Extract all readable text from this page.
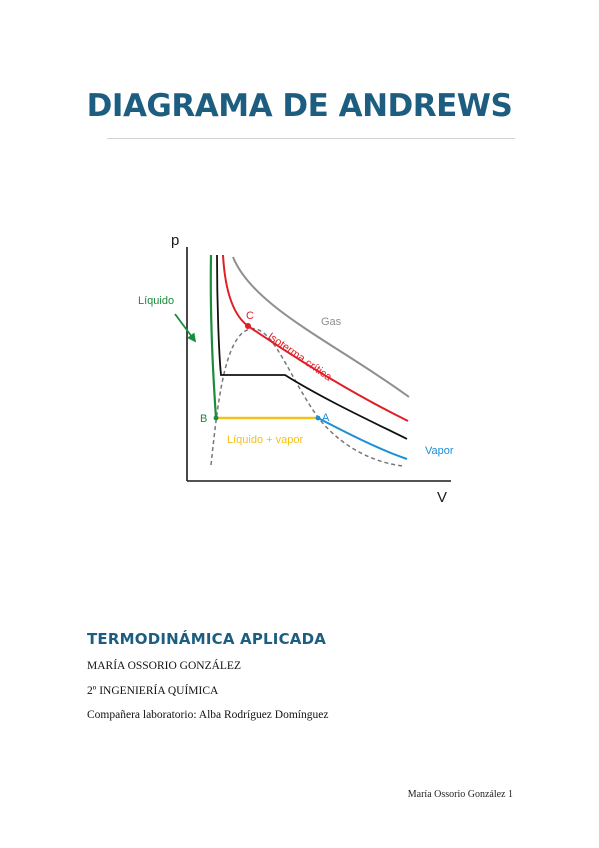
DIAGRAMA DE ANDREWS
p
V
Líquido
Gas
Isoterma crítica
Líquido + vapor
Vapor
C
B	A
TERMODINÁMICA APLICADA

MARÍA OSSORIO GONZÁLEZ

2º INGENIERÍA QUÍMICA

Compañera laboratorio: Alba Rodríguez Domínguez

María Ossorio González 1
